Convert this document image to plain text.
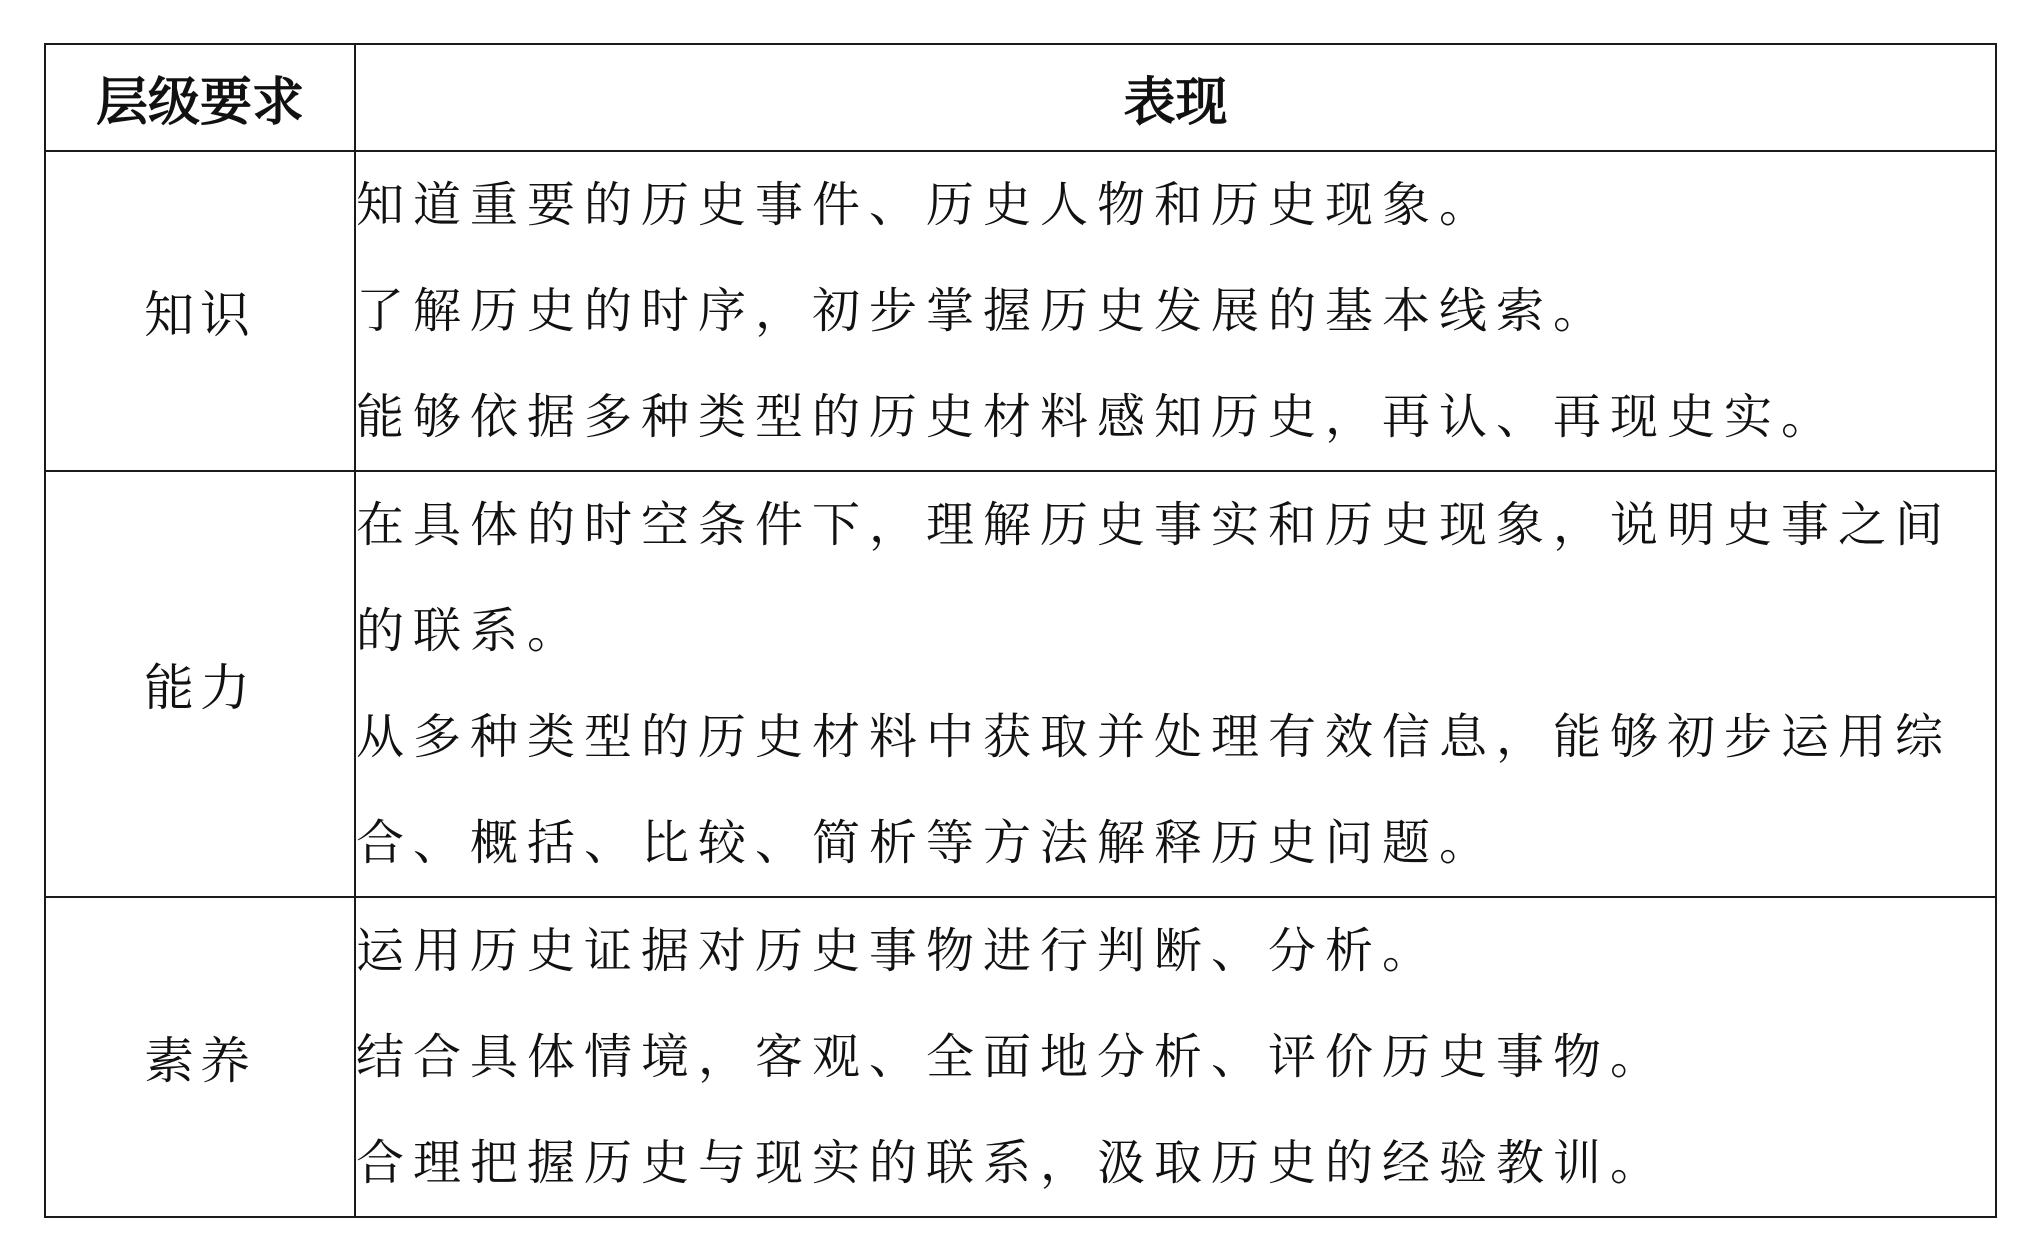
层级要求	表现
知识	知道重要的历史事件、历史人物和历史现象。
了解历史的时序，初步掌握历史发展的基本线索。
能够依据多种类型的历史材料感知历史，再认、再现史实。

能力	在具体的时空条件下，理解历史事实和历史现象，说明史事之间的联系。
从多种类型的历史材料中获取并处理有效信息，能够初步运用综合、概括、比较、简析等方法解释历史问题。

素养	运用历史证据对历史事物进行判断、分析。
结合具体情境，客观、全面地分析、评价历史事物。
合理把握历史与现实的联系，汲取历史的经验教训。
